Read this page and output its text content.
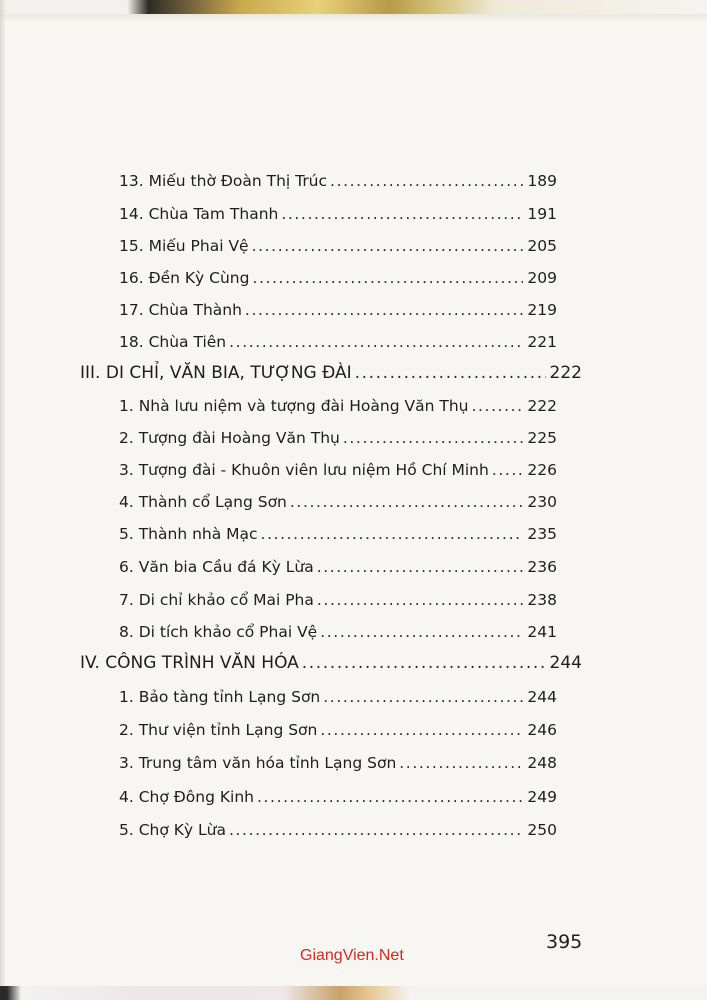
13. Miếu thờ Đoàn Thị Trúc .....	189
14. Chùa Tam Thanh .....	191
15. Miếu Phai Vệ .....	205
16. Đền Kỳ Cùng .....	209
17. Chùa Thành .....	219
18. Chùa Tiên .....	221
III. DI CHỈ, VĂN BIA, TƯỢNG ĐÀI .....	222
1. Nhà lưu niệm và tượng đài Hoàng Văn Thụ .....	222
2. Tượng đài Hoàng Văn Thụ .....	225
3. Tượng đài - Khuôn viên lưu niệm Hồ Chí Minh ..... 226
4. Thành cổ Lạng Sơn .....	230
5. Thành nhà Mạc .....	235
6. Văn bia Cầu đá Kỳ Lừa .....	236
7. Di chỉ khảo cổ Mai Pha .....	238
8. Di tích khảo cổ Phai Vệ .....	241
IV. CÔNG TRÌNH VĂN HÓA .....	244
1. Bảo tàng tỉnh Lạng Sơn .....	244
2. Thư viện tỉnh Lạng Sơn .....	246
3. Trung tâm văn hóa tỉnh Lạng Sơn .....	248
4. Chợ Đông Kinh .....	249
5. Chợ Kỳ Lừa .....	250
395
GiangVien.Net
